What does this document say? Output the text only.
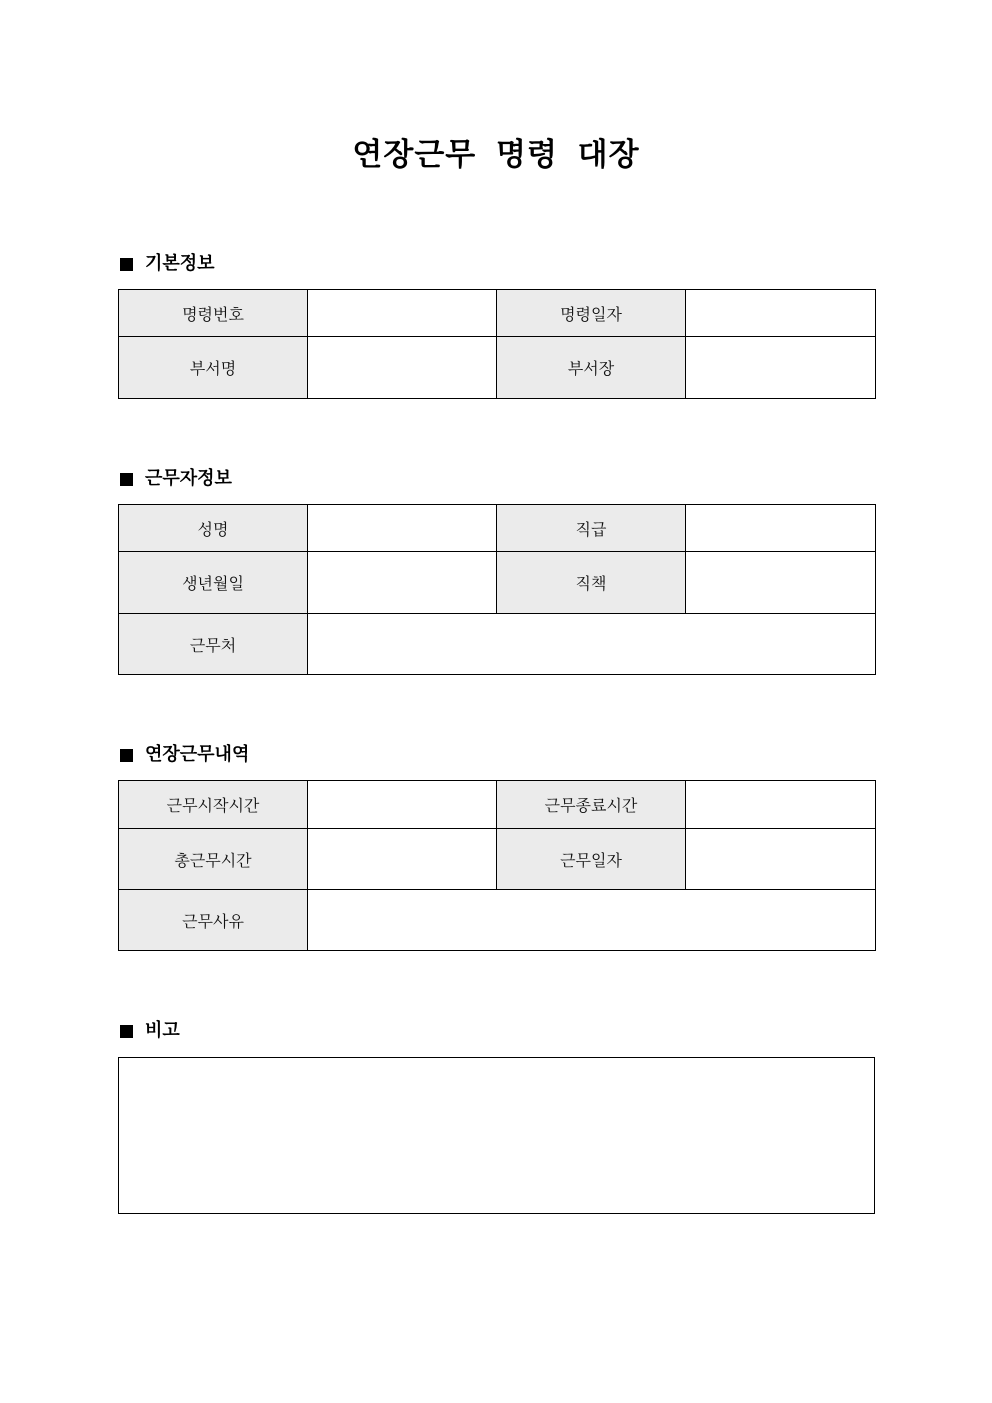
연장근무 명령 대장
기본정보
명령번호		명령일자	
부서명		부서장	
근무자정보
성명		직급	
생년월일		직책	
근무처			
연장근무내역
근무시작시간		근무종료시간	
총근무시간		근무일자	
근무사유			
비고
